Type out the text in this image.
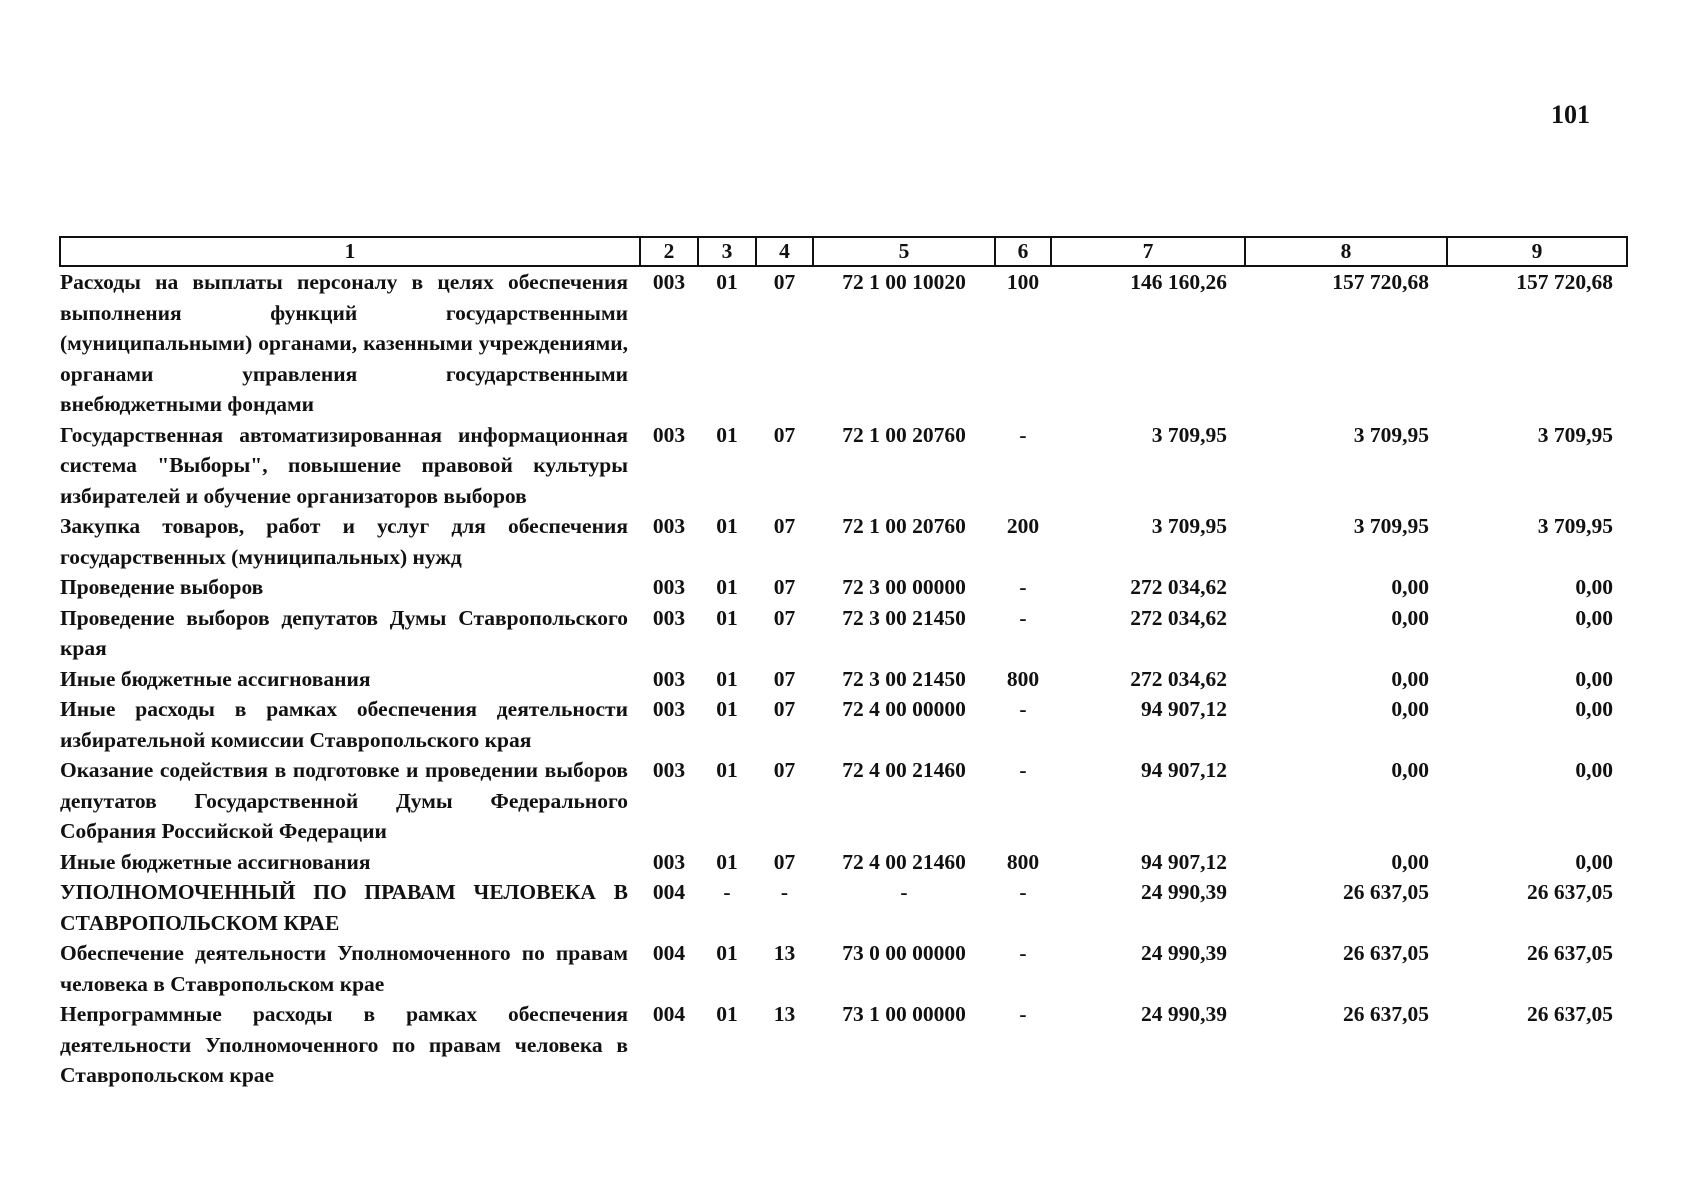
101
1	2	3	4	5	6	7	8	9
Расходы на выплаты персоналу в целях обеспечения выполнения функций государственными (муниципальными) органами, казенными учреждениями, органами управления государственными внебюджетными фондами	003	01	07	72 1 00 10020	100	146 160,26	157 720,68	157 720,68
Государственная автоматизированная информационная система "Выборы", повышение правовой культуры избирателей и обучение организаторов выборов	003	01	07	72 1 00 20760	-	3 709,95	3 709,95	3 709,95
Закупка товаров, работ и услуг для обеспечения государственных (муниципальных) нужд	003	01	07	72 1 00 20760	200	3 709,95	3 709,95	3 709,95
Проведение выборов	003	01	07	72 3 00 00000	-	272 034,62	0,00	0,00
Проведение выборов депутатов Думы Ставропольского края	003	01	07	72 3 00 21450	-	272 034,62	0,00	0,00
Иные бюджетные ассигнования	003	01	07	72 3 00 21450	800	272 034,62	0,00	0,00
Иные расходы в рамках обеспечения деятельности избирательной комиссии Ставропольского края	003	01	07	72 4 00 00000	-	94 907,12	0,00	0,00
Оказание содействия в подготовке и проведении выборов депутатов Государственной Думы Федерального Собрания Российской Федерации	003	01	07	72 4 00 21460	-	94 907,12	0,00	0,00
Иные бюджетные ассигнования	003	01	07	72 4 00 21460	800	94 907,12	0,00	0,00
УПОЛНОМОЧЕННЫЙ ПО ПРАВАМ ЧЕЛОВЕКА В СТАВРОПОЛЬСКОМ КРАЕ	004	-	-	-	-	24 990,39	26 637,05	26 637,05
Обеспечение деятельности Уполномоченного по правам человека в Ставропольском крае	004	01	13	73 0 00 00000	-	24 990,39	26 637,05	26 637,05
Непрограммные расходы в рамках обеспечения деятельности Уполномоченного по правам человека в Ставропольском крае	004	01	13	73 1 00 00000	-	24 990,39	26 637,05	26 637,05
